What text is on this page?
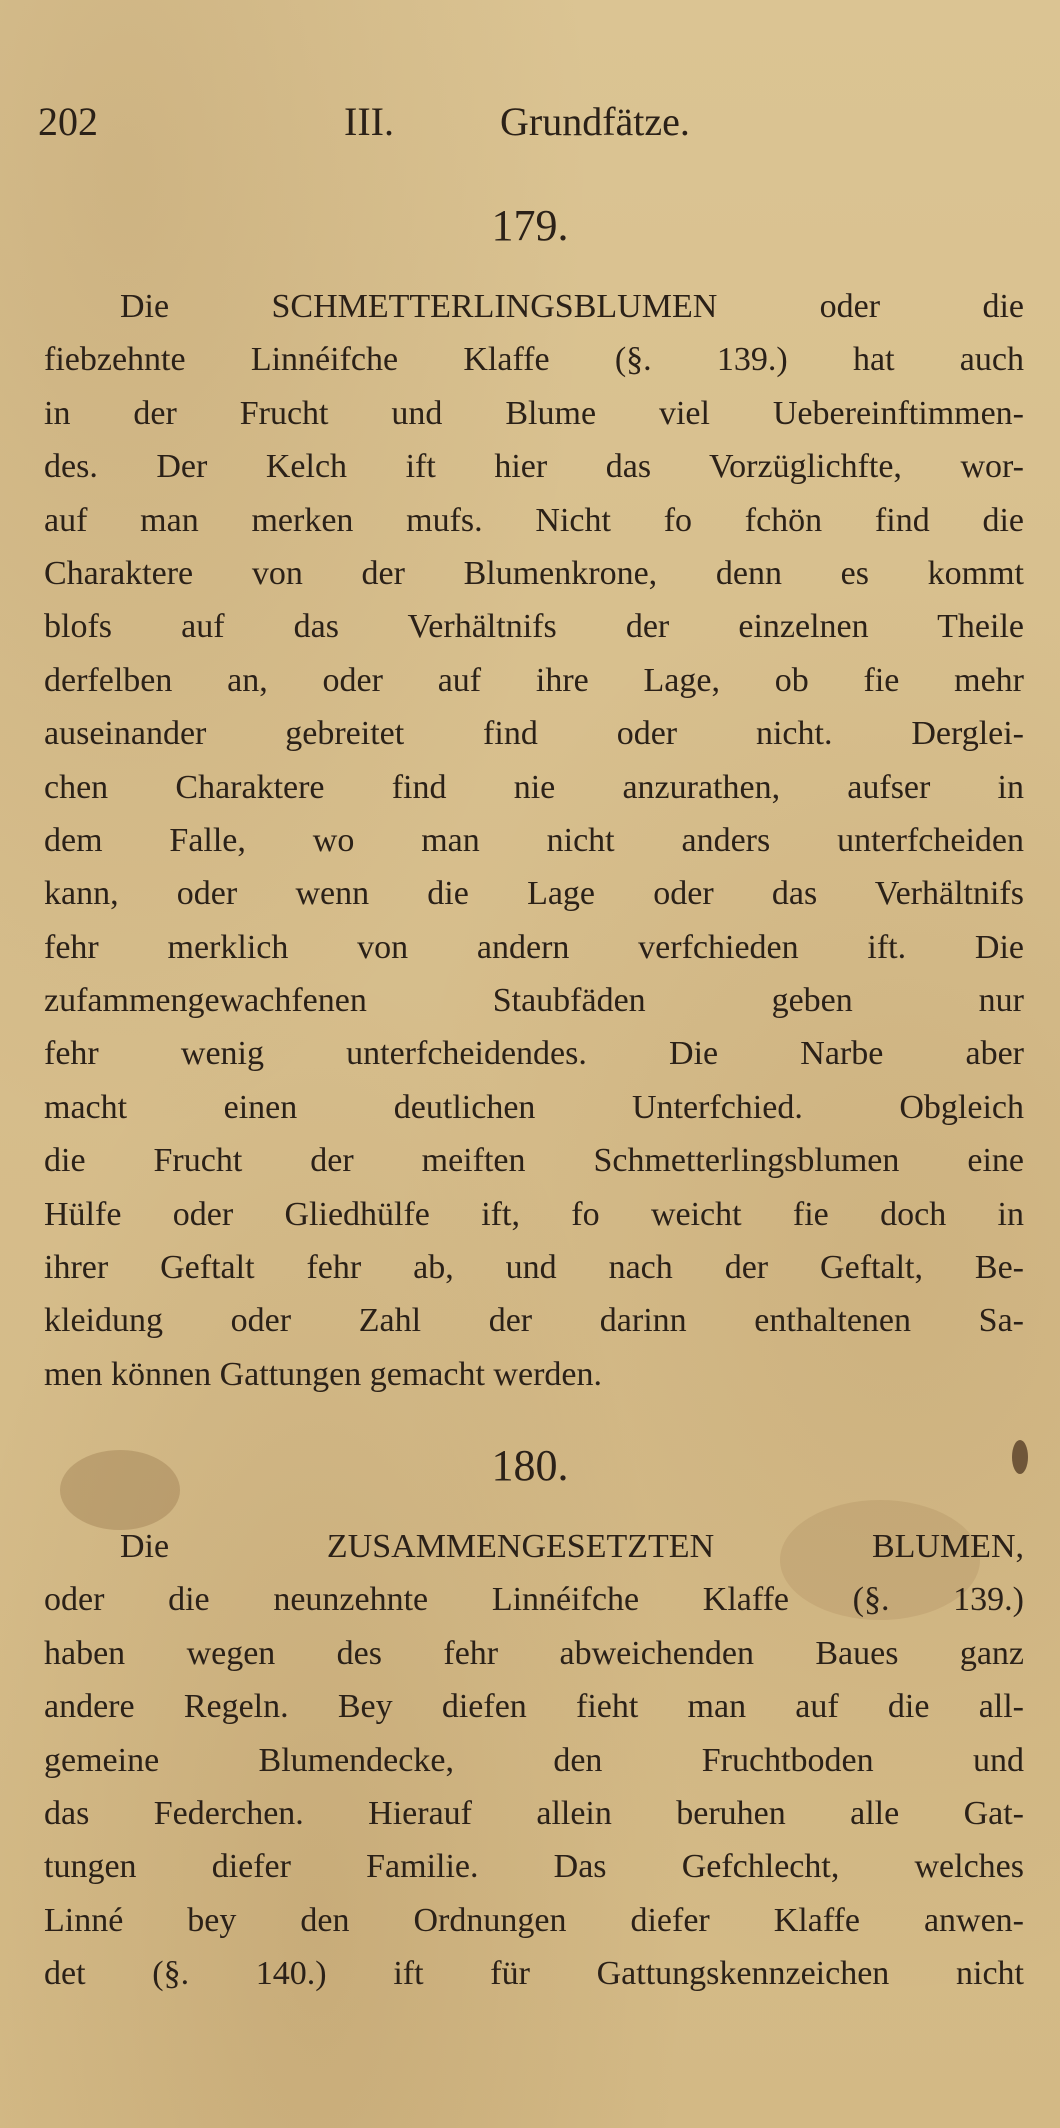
202	III.	Grundfätze.
179.
Die SCHMETTERLINGSBLUMEN oder die
fiebzehnte Linnéifche Klaffe (§. 139.) hat auch
in der Frucht und Blume viel Uebereinftimmen-
des. Der Kelch ift hier das Vorzüglichfte, wor-
auf man merken mufs. Nicht fo fchön find die
Charaktere von der Blumenkrone, denn es kommt
blofs auf das Verhältnifs der einzelnen Theile
derfelben an, oder auf ihre Lage, ob fie mehr
auseinander gebreitet find oder nicht. Derglei-
chen Charaktere find nie anzurathen, aufser in
dem Falle, wo man nicht anders unterfcheiden
kann, oder wenn die Lage oder das Verhältnifs
fehr merklich von andern verfchieden ift. Die
zufammengewachfenen Staubfäden geben nur
fehr wenig unterfcheidendes. Die Narbe aber
macht einen deutlichen Unterfchied. Obgleich
die Frucht der meiften Schmetterlingsblumen eine
Hülfe oder Gliedhülfe ift, fo weicht fie doch in
ihrer Geftalt fehr ab, und nach der Geftalt, Be-
kleidung oder Zahl der darinn enthaltenen Sa-
men können Gattungen gemacht werden.
180.
Die ZUSAMMENGESETZTEN BLUMEN,
oder die neunzehnte Linnéifche Klaffe (§. 139.)
haben wegen des fehr abweichenden Baues ganz
andere Regeln. Bey diefen fieht man auf die all-
gemeine Blumendecke, den Fruchtboden und
das Federchen. Hierauf allein beruhen alle Gat-
tungen diefer Familie. Das Gefchlecht, welches
Linné bey den Ordnungen diefer Klaffe anwen-
det (§. 140.) ift für Gattungskennzeichen nicht
